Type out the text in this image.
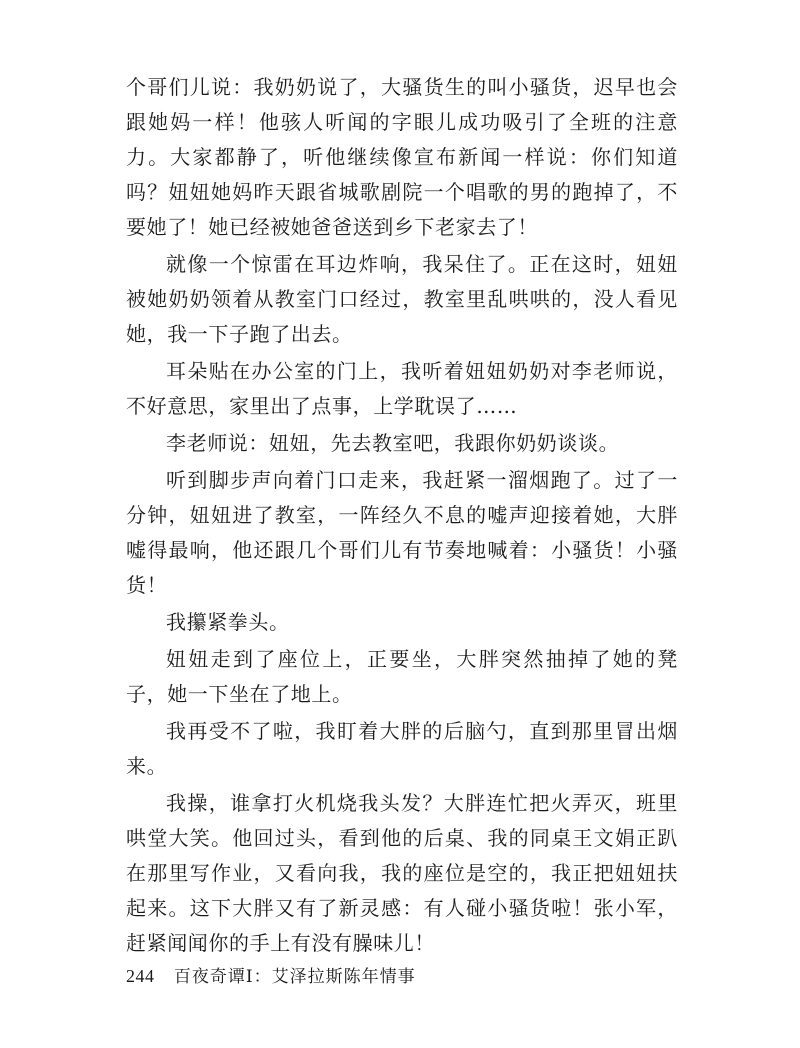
个哥们儿说：我奶奶说了，大骚货生的叫小骚货，迟早也会跟她妈一样！他骇人听闻的字眼儿成功吸引了全班的注意力。大家都静了，听他继续像宣布新闻一样说：你们知道吗？妞妞她妈昨天跟省城歌剧院一个唱歌的男的跑掉了，不要她了！她已经被她爸爸送到乡下老家去了！

就像一个惊雷在耳边炸响，我呆住了。正在这时，妞妞被她奶奶领着从教室门口经过，教室里乱哄哄的，没人看见她，我一下子跑了出去。

耳朵贴在办公室的门上，我听着妞妞奶奶对李老师说，不好意思，家里出了点事，上学耽误了……

李老师说：妞妞，先去教室吧，我跟你奶奶谈谈。

听到脚步声向着门口走来，我赶紧一溜烟跑了。过了一分钟，妞妞进了教室，一阵经久不息的嘘声迎接着她，大胖嘘得最响，他还跟几个哥们儿有节奏地喊着：小骚货！小骚货！

我攥紧拳头。

妞妞走到了座位上，正要坐，大胖突然抽掉了她的凳子，她一下坐在了地上。

我再受不了啦，我盯着大胖的后脑勺，直到那里冒出烟来。

我操，谁拿打火机烧我头发？大胖连忙把火弄灭，班里哄堂大笑。他回过头，看到他的后桌、我的同桌王文娟正趴在那里写作业，又看向我，我的座位是空的，我正把妞妞扶起来。这下大胖又有了新灵感：有人碰小骚货啦！张小军，赶紧闻闻你的手上有没有臊味儿！

244 百夜奇谭Ⅰ：艾泽拉斯陈年情事
